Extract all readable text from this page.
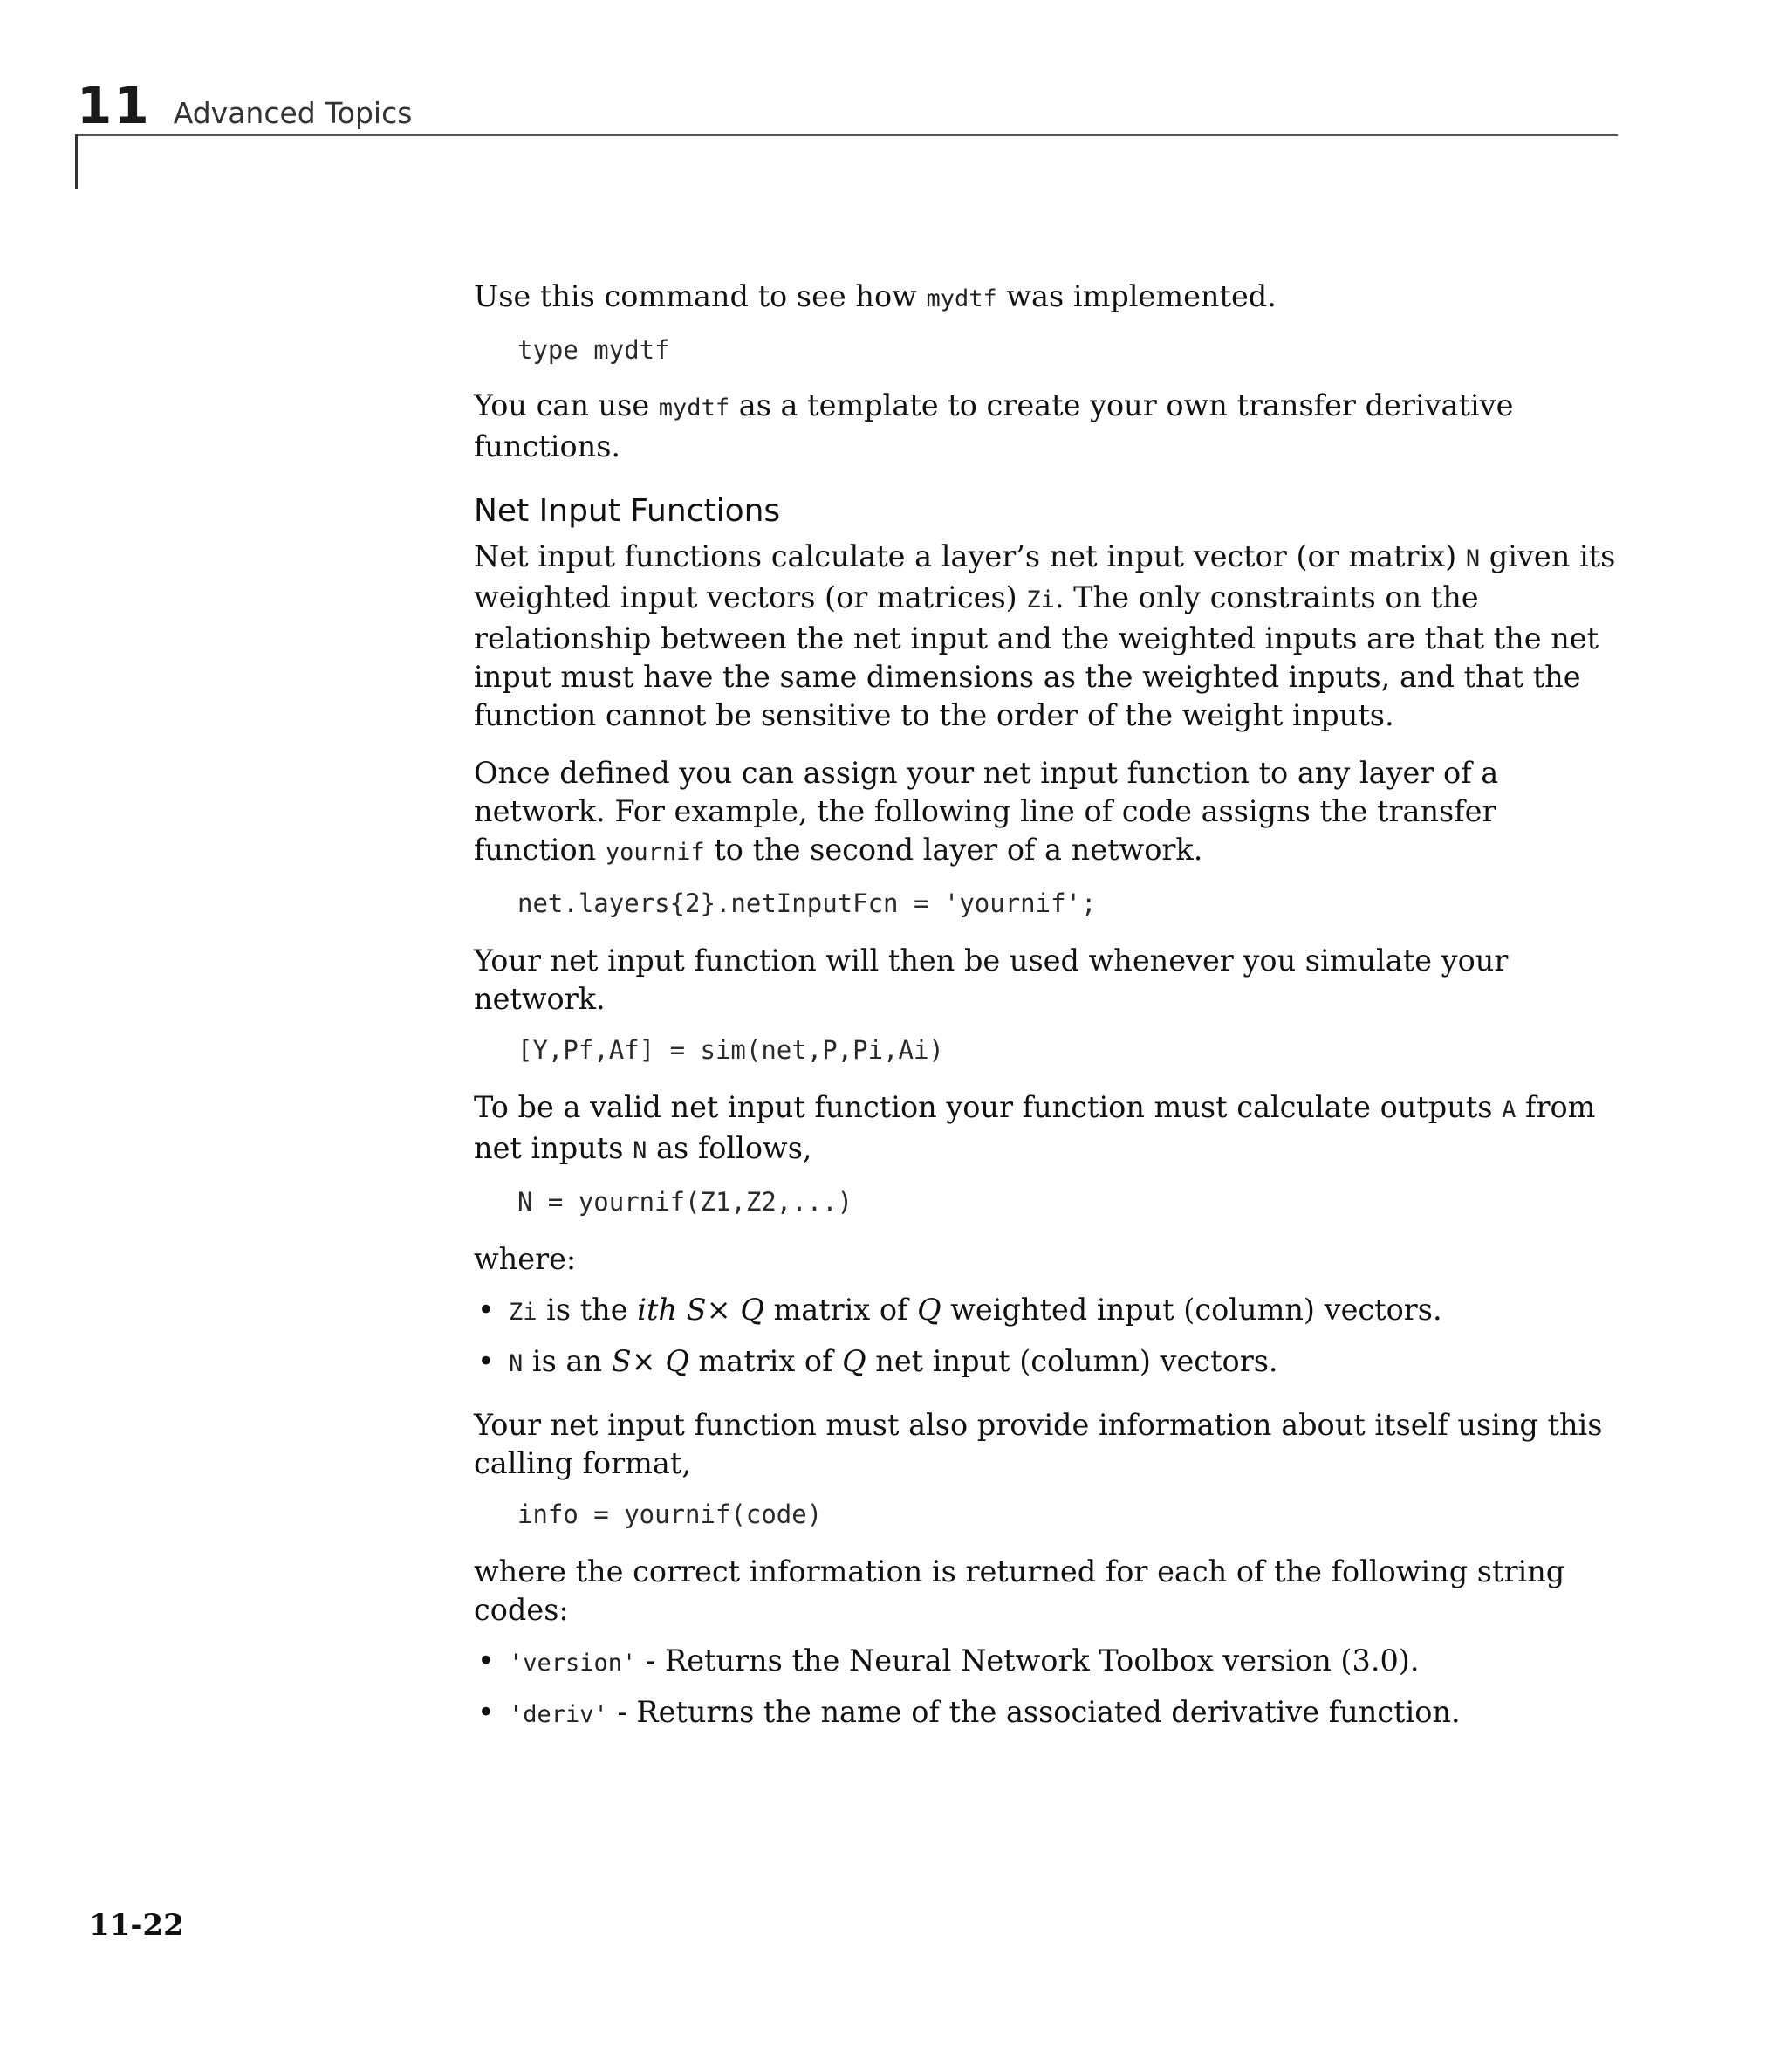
11 Advanced Topics

Use this command to see how mydtf was implemented.

type mydtf

You can use mydtf as a template to create your own transfer derivative functions.

Net Input Functions

Net input functions calculate a layer’s net input vector (or matrix) N given its weighted input vectors (or matrices) Zi. The only constraints on the relationship between the net input and the weighted inputs are that the net input must have the same dimensions as the weighted inputs, and that the function cannot be sensitive to the order of the weight inputs.

Once defined you can assign your net input function to any layer of a network. For example, the following line of code assigns the transfer function yournif to the second layer of a network.

net.layers{2}.netInputFcn = 'yournif';

Your net input function will then be used whenever you simulate your network.

[Y,Pf,Af] = sim(net,P,Pi,Ai)

To be a valid net input function your function must calculate outputs A from net inputs N as follows,

N = yournif(Z1,Z2,...)

where:

• Zi is the ith S× Q matrix of Q weighted input (column) vectors.
• N is an S× Q matrix of Q net input (column) vectors.

Your net input function must also provide information about itself using this calling format,

info = yournif(code)

where the correct information is returned for each of the following string codes:

• 'version' - Returns the Neural Network Toolbox version (3.0).
• 'deriv' - Returns the name of the associated derivative function.
11-22
